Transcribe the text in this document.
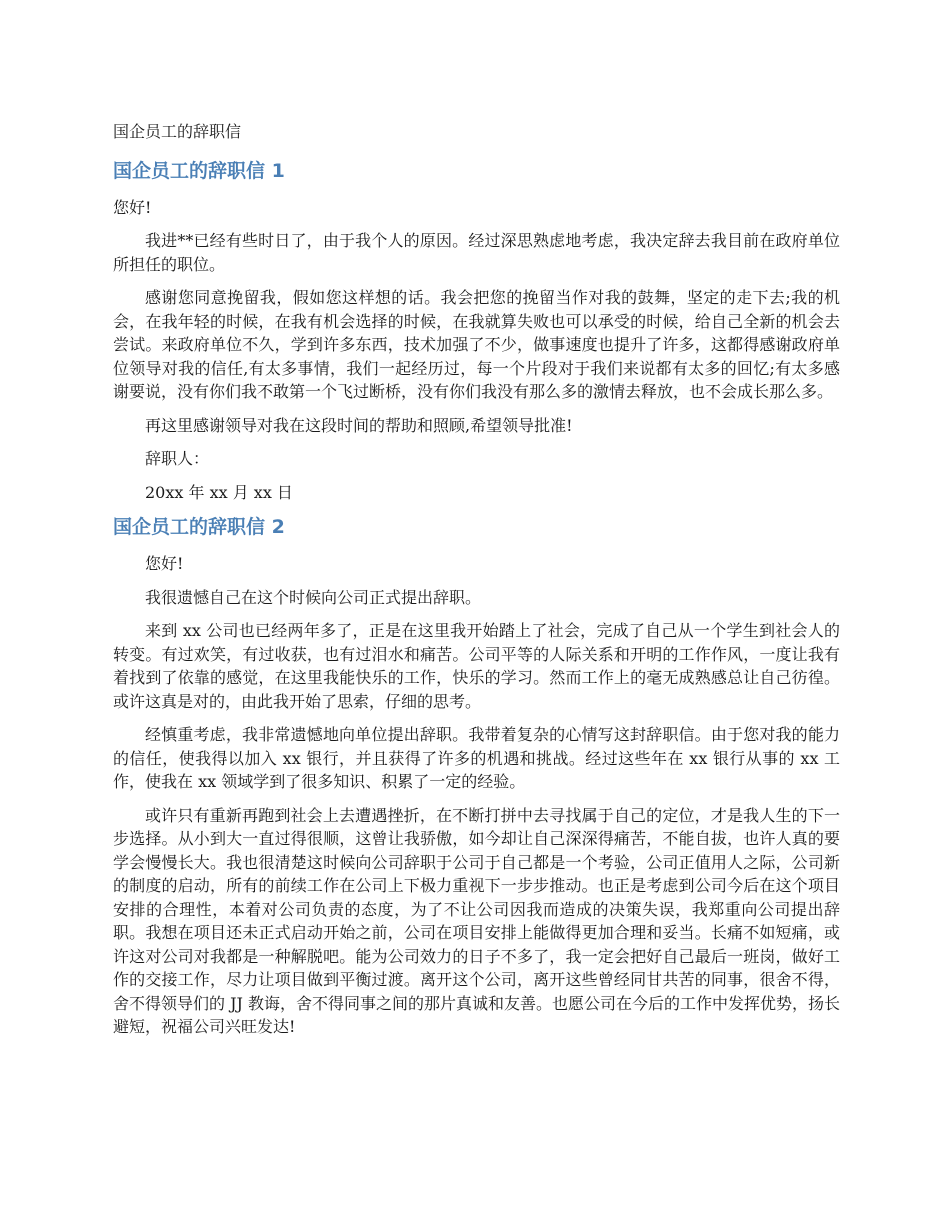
国企员工的辞职信
国企员工的辞职信 1
您好!
我进**已经有些时日了，由于我个人的原因。经过深思熟虑地考虑，我决定辞去我目前在政府单位所担任的职位。
感谢您同意挽留我，假如您这样想的话。我会把您的挽留当作对我的鼓舞，坚定的走下去;我的机会，在我年轻的时候，在我有机会选择的时候，在我就算失败也可以承受的时候，给自己全新的机会去尝试。来政府单位不久，学到许多东西，技术加强了不少，做事速度也提升了许多，这都得感谢政府单位领导对我的信任,有太多事情，我们一起经历过，每一个片段对于我们来说都有太多的回忆;有太多感谢要说，没有你们我不敢第一个飞过断桥，没有你们我没有那么多的激情去释放，也不会成长那么多。
再这里感谢领导对我在这段时间的帮助和照顾,希望领导批准!
辞职人：
20xx 年 xx 月 xx 日
国企员工的辞职信 2
您好!
我很遗憾自己在这个时候向公司正式提出辞职。
来到 xx 公司也已经两年多了，正是在这里我开始踏上了社会，完成了自己从一个学生到社会人的转变。有过欢笑，有过收获，也有过泪水和痛苦。公司平等的人际关系和开明的工作作风，一度让我有着找到了依靠的感觉，在这里我能快乐的工作，快乐的学习。然而工作上的毫无成熟感总让自己彷徨。或许这真是对的，由此我开始了思索，仔细的思考。
经慎重考虑，我非常遗憾地向单位提出辞职。我带着复杂的心情写这封辞职信。由于您对我的能力的信任，使我得以加入 xx 银行，并且获得了许多的机遇和挑战。经过这些年在 xx 银行从事的 xx 工作，使我在 xx 领域学到了很多知识、积累了一定的经验。
或许只有重新再跑到社会上去遭遇挫折，在不断打拼中去寻找属于自己的定位，才是我人生的下一步选择。从小到大一直过得很顺，这曾让我骄傲，如今却让自己深深得痛苦，不能自拔，也许人真的要学会慢慢长大。我也很清楚这时候向公司辞职于公司于自己都是一个考验，公司正值用人之际，公司新的制度的启动，所有的前续工作在公司上下极力重视下一步步推动。也正是考虑到公司今后在这个项目安排的合理性，本着对公司负责的态度，为了不让公司因我而造成的决策失误，我郑重向公司提出辞职。我想在项目还未正式启动开始之前，公司在项目安排上能做得更加合理和妥当。长痛不如短痛，或许这对公司对我都是一种解脱吧。能为公司效力的日子不多了，我一定会把好自己最后一班岗，做好工作的交接工作，尽力让项目做到平衡过渡。离开这个公司，离开这些曾经同甘共苦的同事，很舍不得，舍不得领导们的 JJ 教诲，舍不得同事之间的那片真诚和友善。也愿公司在今后的工作中发挥优势，扬长避短，祝福公司兴旺发达!
